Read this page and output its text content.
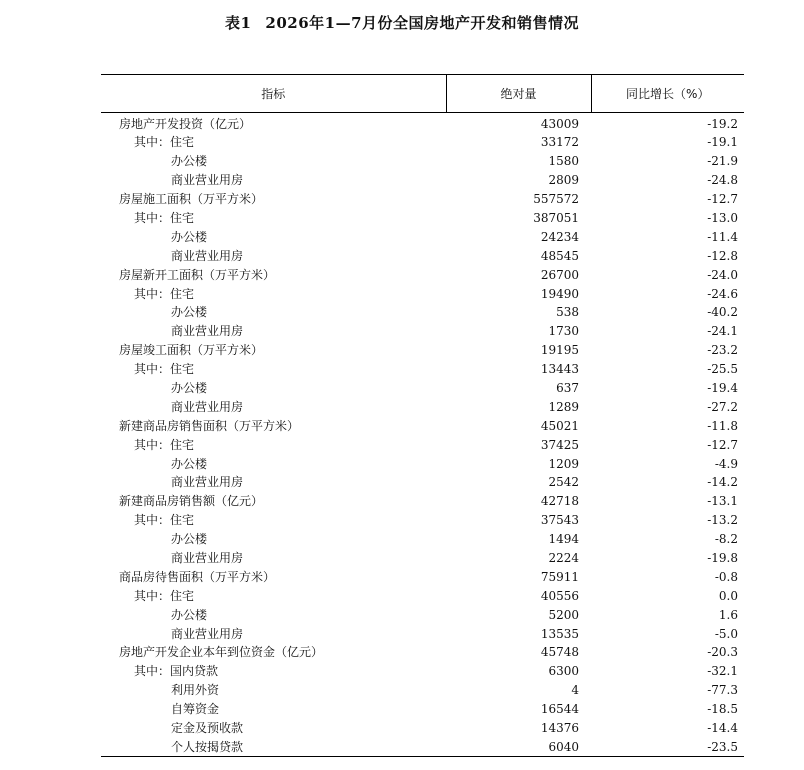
表1 2026年1—7月份全国房地产开发和销售情况
指标	绝对量	同比增长（%）
房地产开发投资（亿元）	43009	-19.2
其中：住宅	33172	-19.1
办公楼	1580	-21.9
商业营业用房	2809	-24.8
房屋施工面积（万平方米）	557572	-12.7
其中：住宅	387051	-13.0
办公楼	24234	-11.4
商业营业用房	48545	-12.8
房屋新开工面积（万平方米）	26700	-24.0
其中：住宅	19490	-24.6
办公楼	538	-40.2
商业营业用房	1730	-24.1
房屋竣工面积（万平方米）	19195	-23.2
其中：住宅	13443	-25.5
办公楼	637	-19.4
商业营业用房	1289	-27.2
新建商品房销售面积（万平方米）	45021	-11.8
其中：住宅	37425	-12.7
办公楼	1209	-4.9
商业营业用房	2542	-14.2
新建商品房销售额（亿元）	42718	-13.1
其中：住宅	37543	-13.2
办公楼	1494	-8.2
商业营业用房	2224	-19.8
商品房待售面积（万平方米）	75911	-0.8
其中：住宅	40556	0.0
办公楼	5200	1.6
商业营业用房	13535	-5.0
房地产开发企业本年到位资金（亿元）	45748	-20.3
其中：国内贷款	6300	-32.1
利用外资	4	-77.3
自筹资金	16544	-18.5
定金及预收款	14376	-14.4
个人按揭贷款	6040	-23.5
